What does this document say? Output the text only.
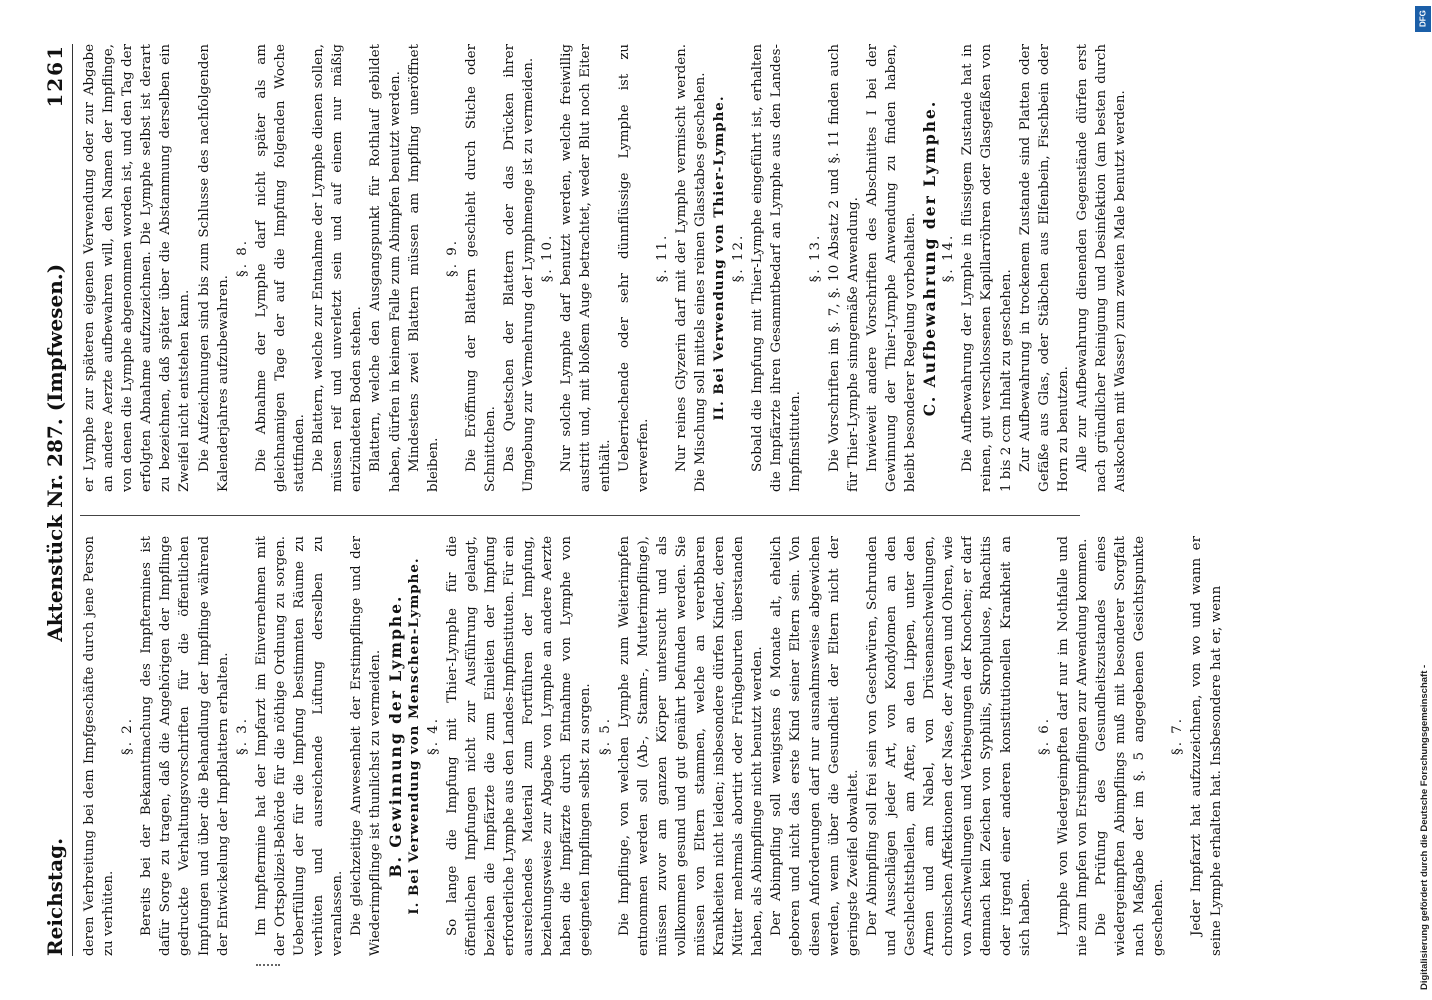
Reichstag.
Aktenstück Nr. 287. (Impfwesen.)
1261

deren Verbreitung bei dem Impfgeschäfte durch jene Person zu verhüten.

§. 2. Bereits bei der Bekanntmachung des Impftermines ist dafür Sorge zu tragen, daß die Angehörigen der Impflinge gedruckte Verhaltungsvorschriften für die öffentlichen Impfungen und über die Behandlung der Impflinge während der Entwickelung der Impfblattern erhalten. §. 3. Im Impftermine hat der Impfarzt im Einvernehmen mit der Ortspolizei-Behörde für die nöthige Ordnung zu sorgen. Ueberfüllung der für die Impfung bestimmten Räume zu verhüten und ausreichende Lüftung derselben zu veranlassen. Die gleichzeitige Anwesenheit der Erstimpflinge und der Wiederimpflinge ist thunlichst zu vermeiden. B. Gewinnung der Lymphe. I. Bei Verwendung von Menschen-Lymphe. §. 4. So lange die Impfung mit Thier-Lymphe für die öffentlichen Impfungen nicht zur Ausführung gelangt, beziehen die Impfärzte die zum Einleiten der Impfung erforderliche Lymphe aus den Landes-Impfinstituten. Für ein ausreichendes Material zum Fortführen der Impfung, beziehungsweise zur Abgabe von Lymphe an andere Aerzte haben die Impfärzte durch Entnahme von Lymphe von geeigneten Impflingen selbst zu sorgen. §. 5. Die Impflinge, von welchen Lymphe zum Weiterimpfen entnommen werden soll (Ab-, Stamm-, Mutterimpflinge), müssen zuvor am ganzen Körper untersucht und als vollkommen gesund und gut genährt befunden werden. Sie müssen von Eltern stammen, welche an vererbbaren Krankheiten nicht leiden; insbesondere dürfen Kinder, deren Mütter mehrmals abortirt oder Frühgeburten überstanden haben, als Abimpflinge nicht benutzt werden. Der Abimpfling soll wenigstens 6 Monate alt, ehelich geboren und nicht das erste Kind seiner Eltern sein. Von diesen Anforderungen darf nur ausnahmsweise abgewichen werden, wenn über die Gesundheit der Eltern nicht der geringste Zweifel obwaltet. Der Abimpfling soll frei sein von Geschwüren, Schrunden und Ausschlägen jeder Art, von Kondylomen an den Geschlechtstheilen, am After, an den Lippen, unter den Armen und am Nabel, von Drüsenanschwellungen, chronischen Affektionen der Nase, der Augen und Ohren, wie von Anschwellungen und Verbiegungen der Knochen; er darf demnach kein Zeichen von Syphilis, Skrophulose, Rhachitis oder irgend einer anderen konstitutionellen Krankheit an sich haben.

§. 6. Lymphe von Wiedergeimpften darf nur im Nothfalle und nie zum Impfen von Erstimpflingen zur Anwendung kommen. Die Prüfung des Gesundheitszustandes eines wiedergeimpften Abimpflings muß mit besonderer Sorgfalt nach Maßgabe der im §. 5 angegebenen Gesichtspunkte geschehen.

§. 7. Jeder Impfarzt hat aufzuzeichnen, von wo und wann er seine Lymphe erhalten hat. Insbesondere hat er, wenn

er Lymphe zur späteren eigenen Verwendung oder zur Abgabe an andere Aerzte aufbewahren will, den Namen der Impflinge, von denen die Lymphe abgenommen worden ist, und den Tag der erfolgten Abnahme aufzuzeichnen. Die Lymphe selbst ist derart zu bezeichnen, daß später über die Abstammung derselben ein Zweifel nicht entstehen kann. Die Aufzeichnungen sind bis zum Schlusse des nachfolgenden Kalenderjahres aufzubewahren.

§. 8. Die Abnahme der Lymphe darf nicht später als am gleichnamigen Tage der auf die Impfung folgenden Woche stattfinden. Die Blattern, welche zur Entnahme der Lymphe dienen sollen, müssen reif und unverletzt sein und auf einem nur mäßig entzündeten Boden stehen. Blattern, welche den Ausgangspunkt für Rothlauf gebildet haben, dürfen in keinem Falle zum Abimpfen benutzt werden. Mindestens zwei Blattern müssen am Impfling uneröffnet bleiben.

§. 9. Die Eröffnung der Blattern geschieht durch Stiche oder Schnittchen. Das Quetschen der Blattern oder das Drücken ihrer Umgebung zur Vermehrung der Lymphmenge ist zu vermeiden. §. 10. Nur solche Lymphe darf benutzt werden, welche freiwillig austritt und, mit bloßem Auge betrachtet, weder Blut noch Eiter enthält. Ueberriechende oder sehr dünnflüssige Lymphe ist zu verwerfen.

§. 11. Nur reines Glyzerin darf mit der Lymphe vermischt werden. Die Mischung soll mittels eines reinen Glasstabes geschehen. II. Bei Verwendung von Thier-Lymphe. §. 12. Sobald die Impfung mit Thier-Lymphe eingeführt ist, erhalten die Impfärzte ihren Gesammtbedarf an Lymphe aus den Landes-Impfinstituten.

§. 13. Die Vorschriften im §. 7, §. 10 Absatz 2 und §. 11 finden auch für Thier-Lymphe sinngemäße Anwendung. Inwieweit andere Vorschriften des Abschnittes I bei der Gewinnung der Thier-Lymphe Anwendung zu finden haben, bleibt besonderer Regelung vorbehalten. C. Aufbewahrung der Lymphe. §. 14. Die Aufbewahrung der Lymphe in flüssigem Zustande hat in reinen, gut verschlossenen Kapillarröhren oder Glasgefäßen von 1 bis 2 ccm Inhalt zu geschehen. Zur Aufbewahrung in trockenem Zustande sind Platten oder Gefäße aus Glas, oder Stäbchen aus Elfenbein, Fischbein oder Horn zu benutzen. Alle zur Aufbewahrung dienenden Gegenstände dürfen erst nach gründlicher Reinigung und Desinfektion (am besten durch Auskochen mit Wasser) zum zweiten Male benutzt werden.

Digitalisierung gefördert durch die Deutsche Forschungsgemeinschaft -
DFG
